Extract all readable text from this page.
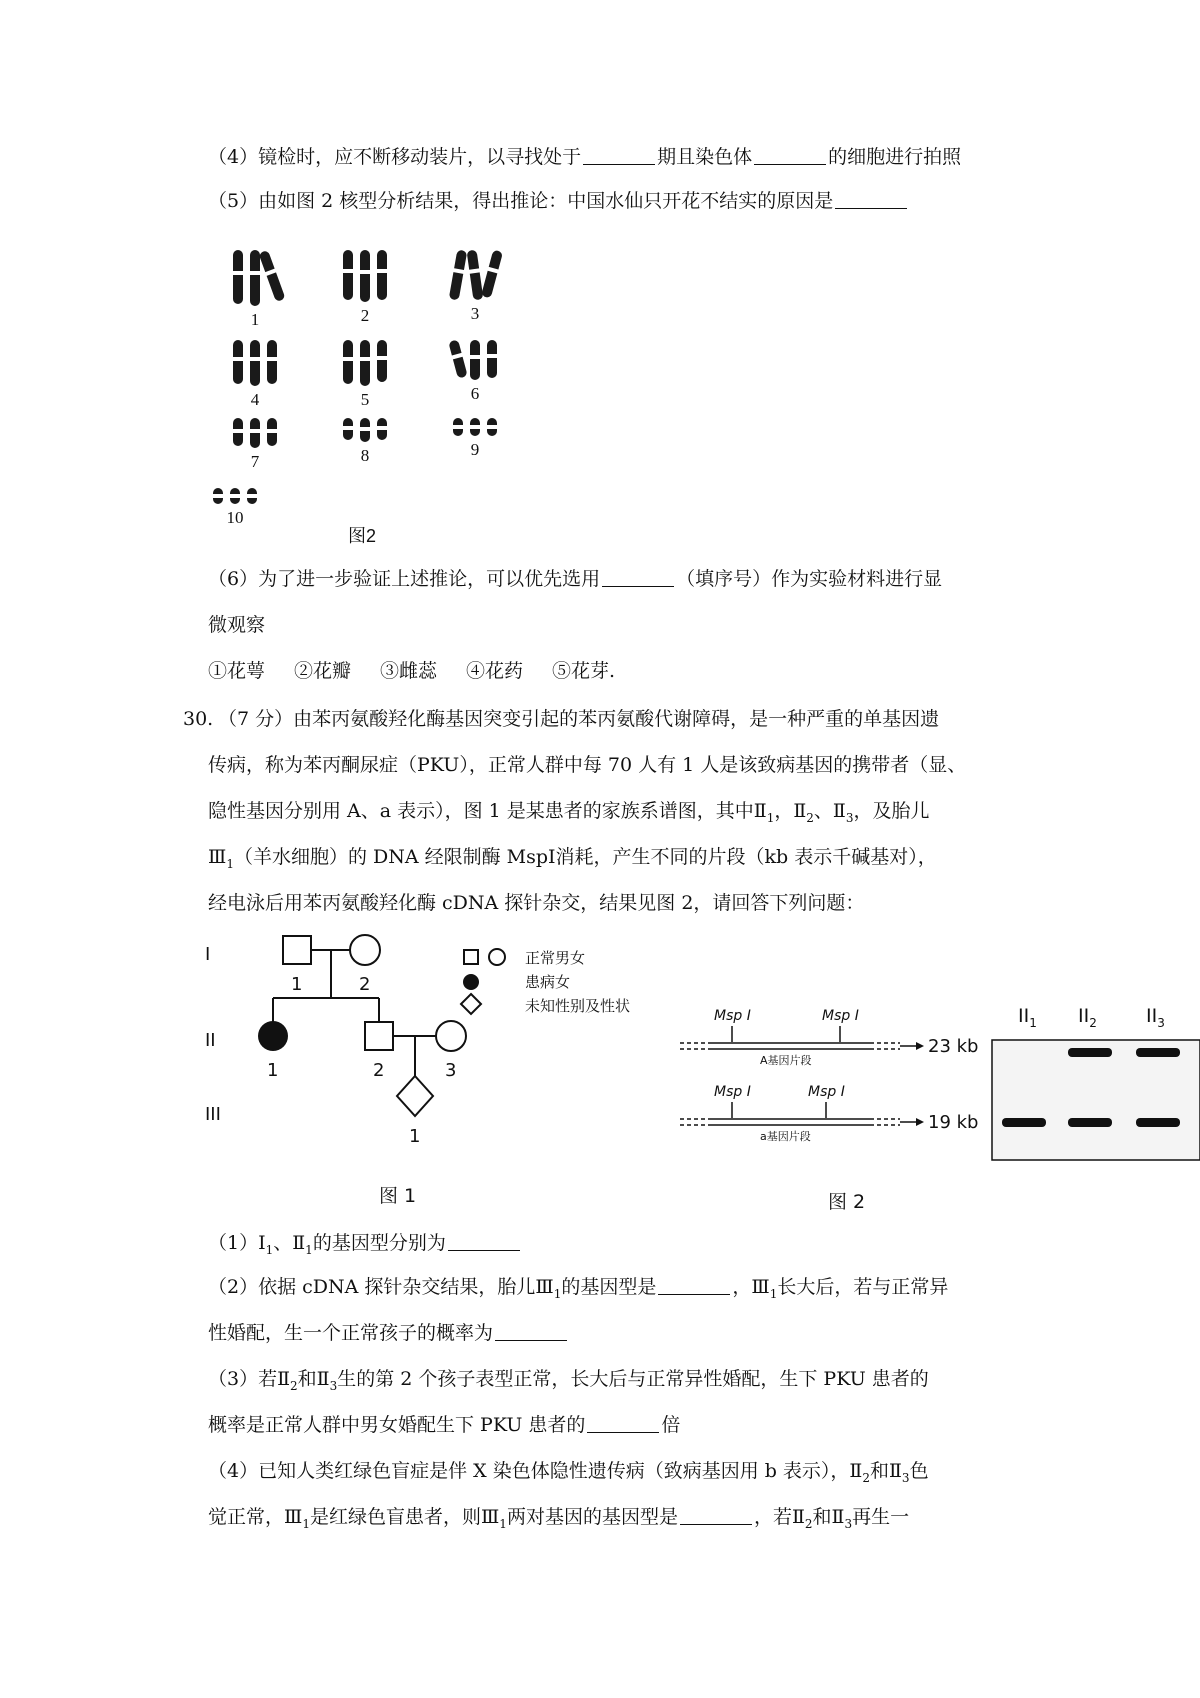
（4）镜检时，应不断移动装片，以寻找处于	期且染色体	的细胞进行拍照
（5）由如图 2 核型分析结果，得出推论：中国水仙只开花不结实的原因是
1	2	3
4	5	6
7	8	9
10
图2
（6）为了进一步验证上述推论，可以优先选用	（填序号）作为实验材料进行显
微观察
①花萼 ②花瓣 ③雌蕊 ④花药 ⑤花芽.
30. （7 分）由苯丙氨酸羟化酶基因突变引起的苯丙氨酸代谢障碍，是一种严重的单基因遗
传病，称为苯丙酮尿症（PKU），正常人群中每 70 人有 1 人是该致病基因的携带者（显、
隐性基因分别用 A、a 表示），图 1 是某患者的家族系谱图，其中$Ⅱ_1$，$Ⅱ_2$、$Ⅱ_3$，及胎儿
$Ⅲ_1$（羊水细胞）的 DNA 经限制酶 MspⅠ消耗，产生不同的片段（kb 表示千碱基对），
经电泳后用苯丙氨酸羟化酶 cDNA 探针杂交，结果见图 2，请回答下列问题：
I
II
III
1	2
1	2	3
1
图 1
正常男女
患病女
未知性别及性状
Msp I	Msp I
Msp I	Msp I
A基因片段
a基因片段
23 kb
19 kb
图 2
$II_1$ $II_2$	$II_3$
$(1)Ⅰ_1$、$Ⅱ_1$的基因型分别为
（2）依据 cDNA 探针杂交结果，胎儿$Ⅲ_1$的基因型是	，$Ⅲ_1$长大后，若与正常异
性婚配，生一个正常孩子的概率为
（3）若$Ⅱ_2$和$Ⅱ_3$生的第 2 个孩子表型正常，长大后与正常异性婚配，生下 PKU 患者的
概率是正常人群中男女婚配生下 PKU 患者的	倍
（4）已知人类红绿色盲症是伴 X 染色体隐性遗传病（致病基因用 b 表示），$Ⅱ_2$和$Ⅱ_3$色
觉正常，$Ⅲ_1$是红绿色盲患者，则$Ⅲ_1$两对基因的基因型是	，若$Ⅱ_2$和$Ⅱ_3$再生一
